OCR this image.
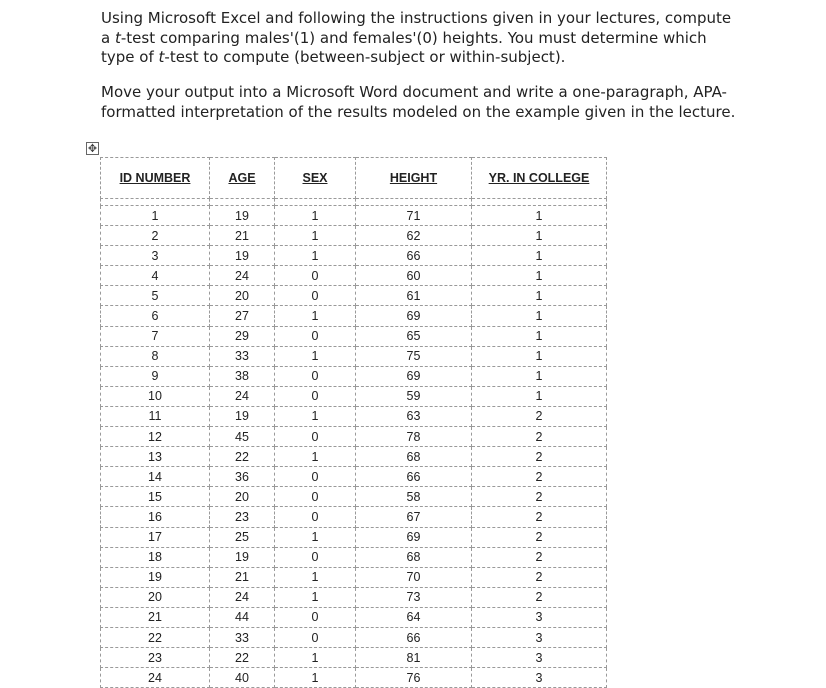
Using Microsoft Excel and following the instructions given in your lectures, compute a t-test comparing males'(1) and females'(0) heights. You must determine which type of t-test to compute (between-subject or within-subject).

Move your output into a Microsoft Word document and write a one-paragraph, APA-formatted interpretation of the results modeled on the example given in the lecture.

✥
ID NUMBER	AGE	SEX	HEIGHT	YR. IN COLLEGE

1	19	1	71	1
2	21	1	62	1
3	19	1	66	1
4	24	0	60	1
5	20	0	61	1
6	27	1	69	1
7	29	0	65	1
8	33	1	75	1
9	38	0	69	1
10	24	0	59	1
11	19	1	63	2
12	45	0	78	2
13	22	1	68	2
14	36	0	66	2
15	20	0	58	2
16	23	0	67	2
17	25	1	69	2
18	19	0	68	2
19	21	1	70	2
20	24	1	73	2
21	44	0	64	3
22	33	0	66	3
23	22	1	81	3
24	40	1	76	3
